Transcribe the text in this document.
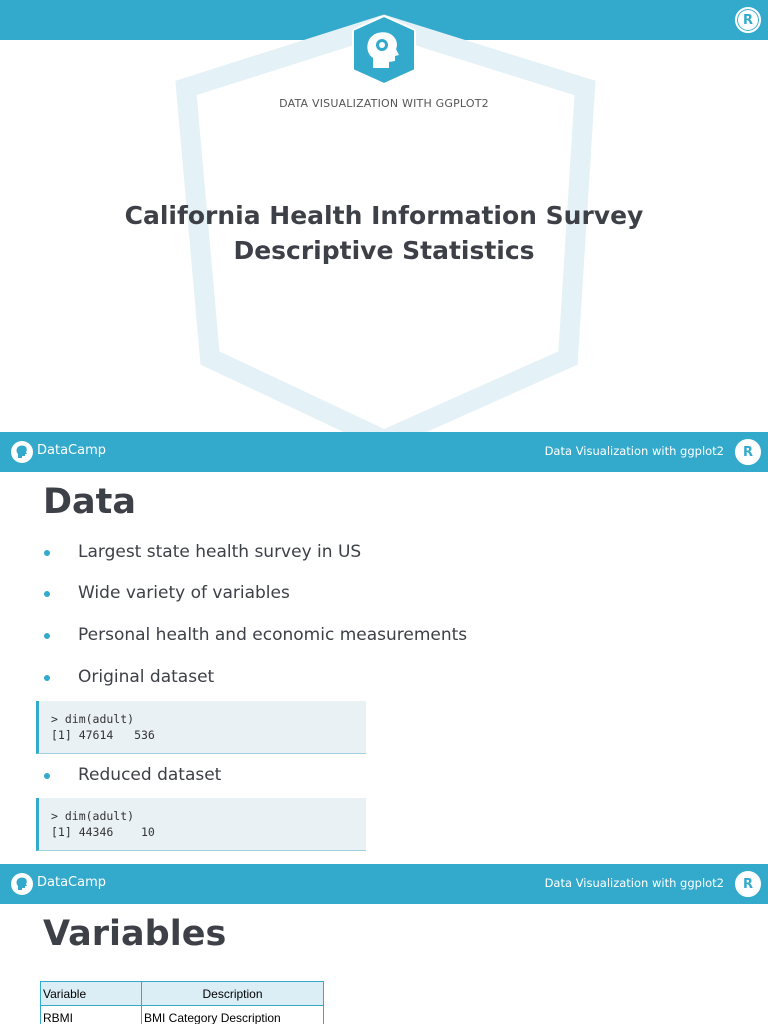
R
DATA VISUALIZATION WITH GGPLOT2
California Health Information Survey
Descriptive Statistics
DataCamp	Data Visualization with ggplot2	R
Data
Largest state health survey in US
Wide variety of variables
Personal health and economic measurements
Original dataset
> dim(adult)
[1] 47614   536
Reduced dataset
> dim(adult)
[1] 44346    10
DataCamp	Data Visualization with ggplot2	R
Variables
Variable	Description
RBMI	BMI Category Description
